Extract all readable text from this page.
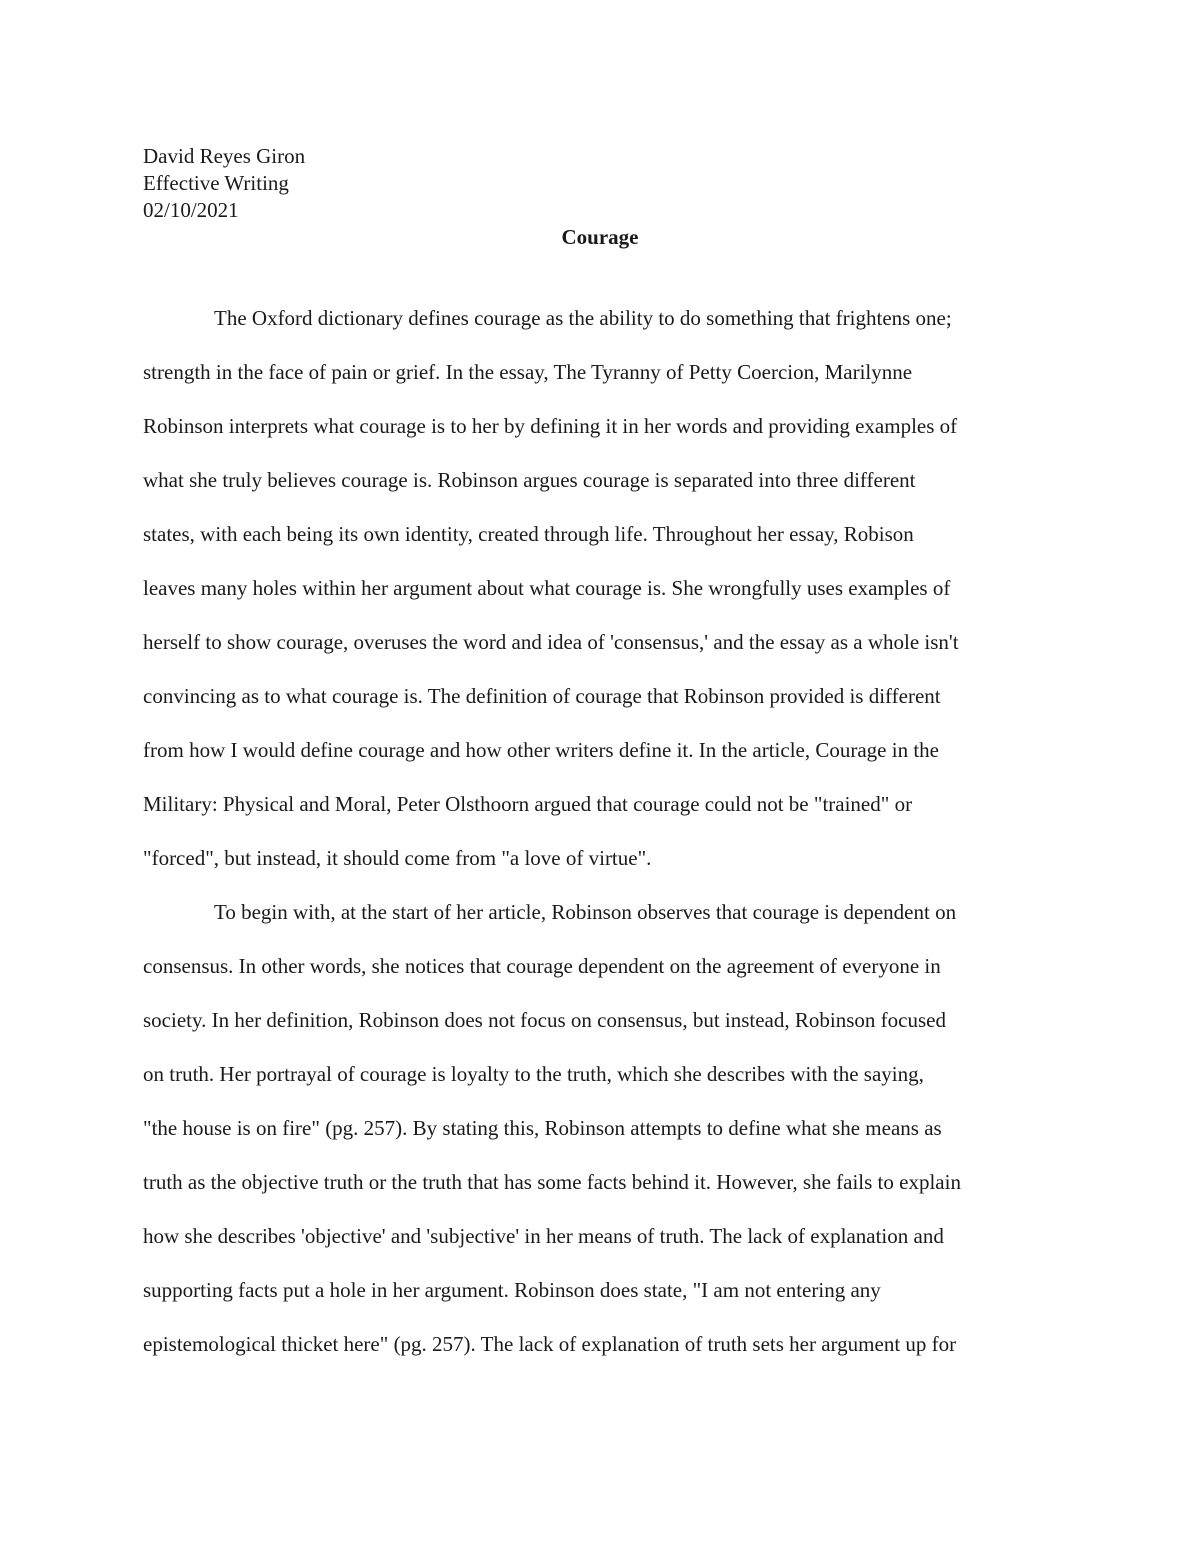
David Reyes Giron
Effective Writing
02/10/2021
Courage
The Oxford dictionary defines courage as the ability to do something that frightens one;
strength in the face of pain or grief. In the essay, The Tyranny of Petty Coercion, Marilynne
Robinson interprets what courage is to her by defining it in her words and providing examples of
what she truly believes courage is. Robinson argues courage is separated into three different
states, with each being its own identity, created through life. Throughout her essay, Robison
leaves many holes within her argument about what courage is. She wrongfully uses examples of
herself to show courage, overuses the word and idea of 'consensus,' and the essay as a whole isn't
convincing as to what courage is. The definition of courage that Robinson provided is different
from how I would define courage and how other writers define it. In the article, Courage in the
Military: Physical and Moral, Peter Olsthoorn argued that courage could not be "trained" or
"forced", but instead, it should come from "a love of virtue".
To begin with, at the start of her article, Robinson observes that courage is dependent on
consensus. In other words, she notices that courage dependent on the agreement of everyone in
society. In her definition, Robinson does not focus on consensus, but instead, Robinson focused
on truth. Her portrayal of courage is loyalty to the truth, which she describes with the saying,
"the house is on fire" (pg. 257). By stating this, Robinson attempts to define what she means as
truth as the objective truth or the truth that has some facts behind it. However, she fails to explain
how she describes 'objective' and 'subjective' in her means of truth. The lack of explanation and
supporting facts put a hole in her argument. Robinson does state, "I am not entering any
epistemological thicket here" (pg. 257). The lack of explanation of truth sets her argument up for
